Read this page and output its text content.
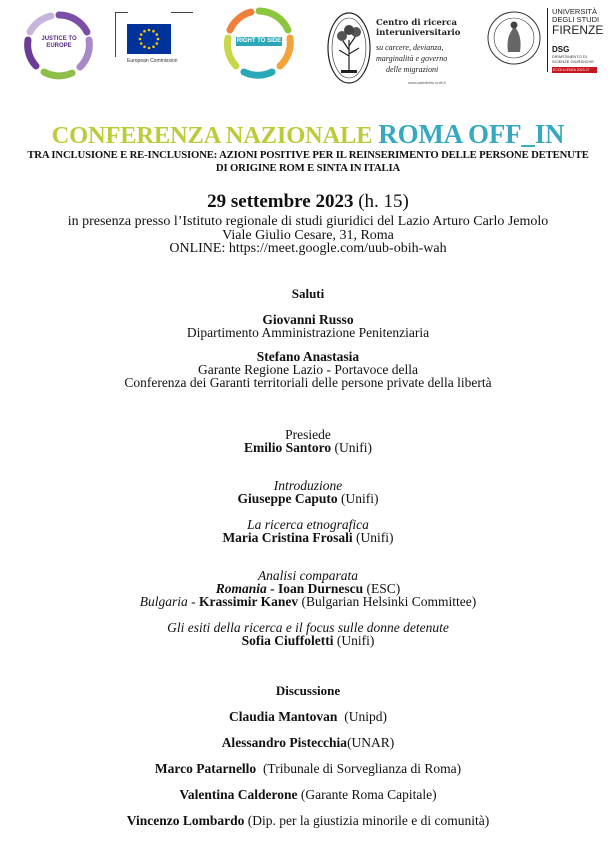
JUSTICE TO EUROPE
European Commission
RIGHT TO SIDE
Centro di ricerca
interuniversitario
su carcere, devianza,
marginalità e governo
delle migrazioni
www.adirdiritto.unifi.it
UNIVERSITÀ
DEGLI STUDI
FIRENZE
DSG
DIPARTIMENTO DI
SCIENZE GIURIDICHE
ECCELLENZA 2023-27
CONFERENZA NAZIONALE ROMA OFF_IN
TRA INCLUSIONE E RE-INCLUSIONE: AZIONI POSITIVE PER IL REINSERIMENTO DELLE PERSONE DETENUTE
DI ORIGINE ROM E SINTA IN ITALIA
29 settembre 2023 (h. 15)
in presenza presso l’Istituto regionale di studi giuridici del Lazio Arturo Carlo Jemolo
Viale Giulio Cesare, 31, Roma
ONLINE: https://meet.google.com/uub-obih-wah
Saluti
Giovanni Russo
Dipartimento Amministrazione Penitenziaria
Stefano Anastasia
Garante Regione Lazio - Portavoce della
Conferenza dei Garanti territoriali delle persone private della libertà
Presiede
Emilio Santoro (Unifi)
Introduzione
Giuseppe Caputo (Unifi)
La ricerca etnografica
Maria Cristina Frosali (Unifi)
Analisi comparata
Romania - Ioan Durnescu (ESC)
Bulgaria - Krassimir Kanev (Bulgarian Helsinki Committee)
Gli esiti della ricerca e il focus sulle donne detenute
Sofia Ciuffoletti (Unifi)
Discussione
Claudia Mantovan (Unipd)
Alessandro Pistecchia(UNAR)
Marco Patarnello (Tribunale di Sorveglianza di Roma)
Valentina Calderone (Garante Roma Capitale)
Vincenzo Lombardo (Dip. per la giustizia minorile e di comunità)
